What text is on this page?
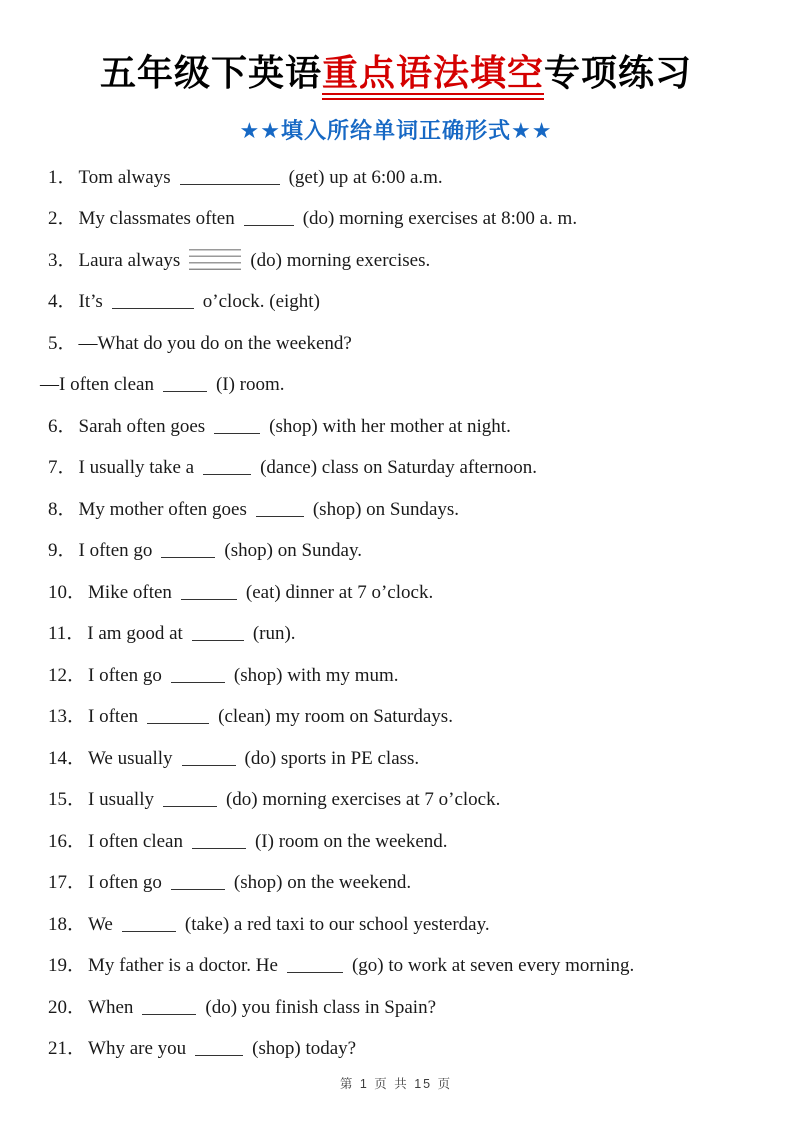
五年级下英语重点语法填空专项练习
★★填入所给单词正确形式★★
1． Tom always	(get) up at 6:00 a.m.
2． My classmates often	(do) morning exercises at 8:00 a. m.
3． Laura always	(do) morning exercises.
4． It’s	o’clock. (eight)
5． —What do you do on the weekend?
—I often clean	(I) room.
6． Sarah often goes	(shop) with her mother at night.
7． I usually take a	(dance) class on Saturday afternoon.
8． My mother often goes	(shop) on Sundays.
9． I often go	(shop) on Sunday.
10． Mike often	(eat) dinner at 7 o’clock.
11． I am good at	(run).
12． I often go	(shop) with my mum.
13． I often	(clean) my room on Saturdays.
14． We usually	(do) sports in PE class.
15． I usually	(do) morning exercises at 7 o’clock.
16． I often clean	(I) room on the weekend.
17． I often go	(shop) on the weekend.
18． We	(take) a red taxi to our school yesterday.
19． My father is a doctor. He	(go) to work at seven every morning.
20． When	(do) you finish class in Spain?
21． Why are you	(shop) today?
第 1 页 共 15 页
